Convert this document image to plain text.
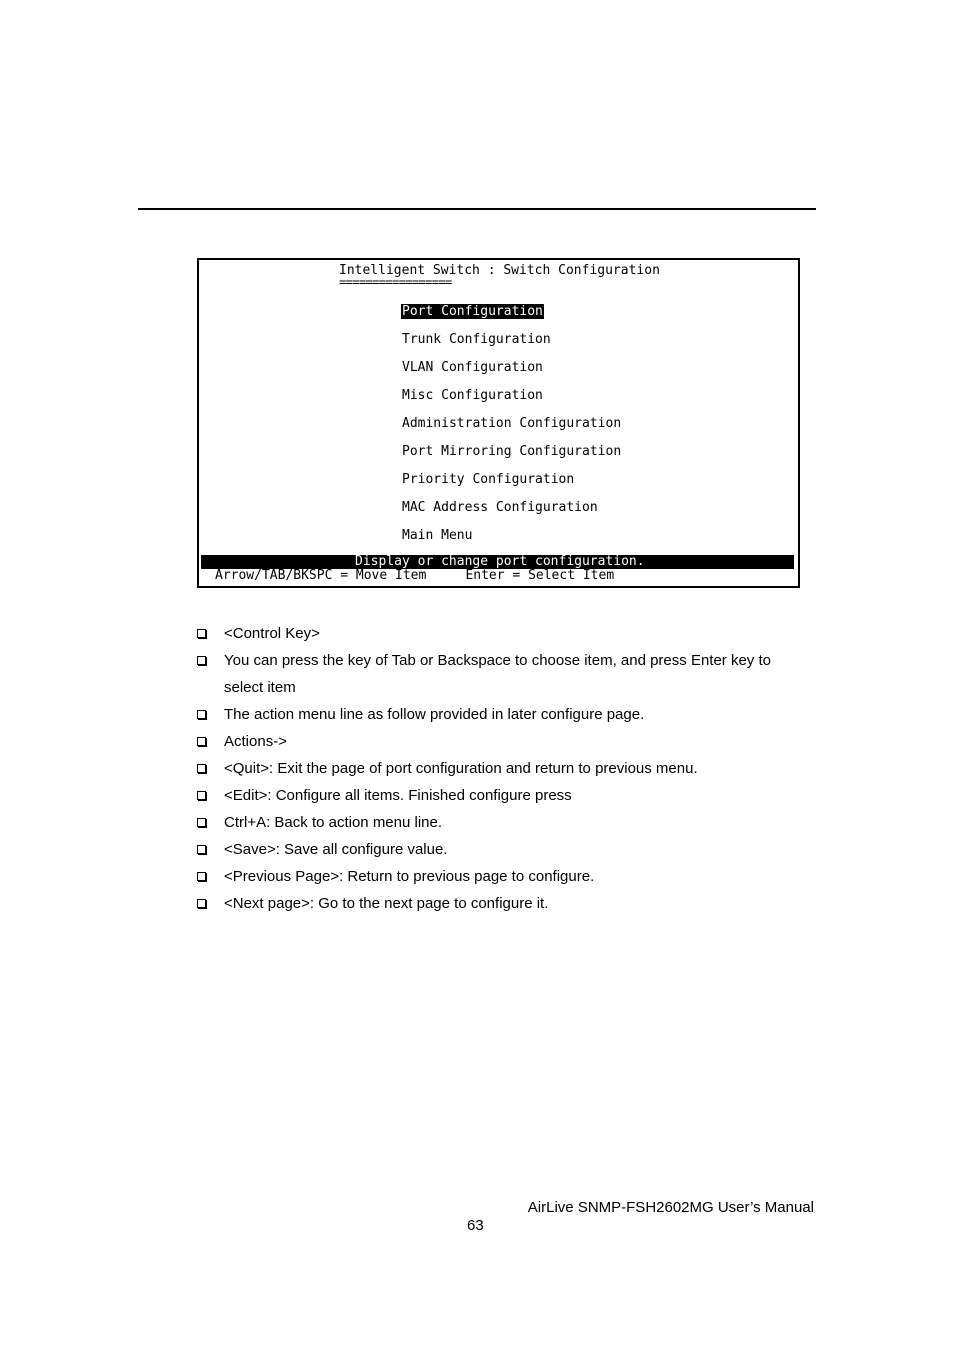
Intelligent Switch : Switch Configuration
=================
Port Configuration
Trunk Configuration
VLAN Configuration
Misc Configuration
Administration Configuration
Port Mirroring Configuration
Priority Configuration
MAC Address Configuration
Main Menu
Display or change port configuration.
Arrow/TAB/BKSPC = Move Item     Enter = Select Item
<Control Key>
You can press the key of Tab or Backspace to choose item, and press Enter key to select item
The action menu line as follow provided in later configure page.
Actions->
<Quit>: Exit the page of port configuration and return to previous menu.
<Edit>: Configure all items. Finished configure press
Ctrl+A: Back to action menu line.
<Save>: Save all configure value.
<Previous Page>: Return to previous page to configure.
<Next page>: Go to the next page to configure it.
AirLive SNMP-FSH2602MG User’s Manual
63
